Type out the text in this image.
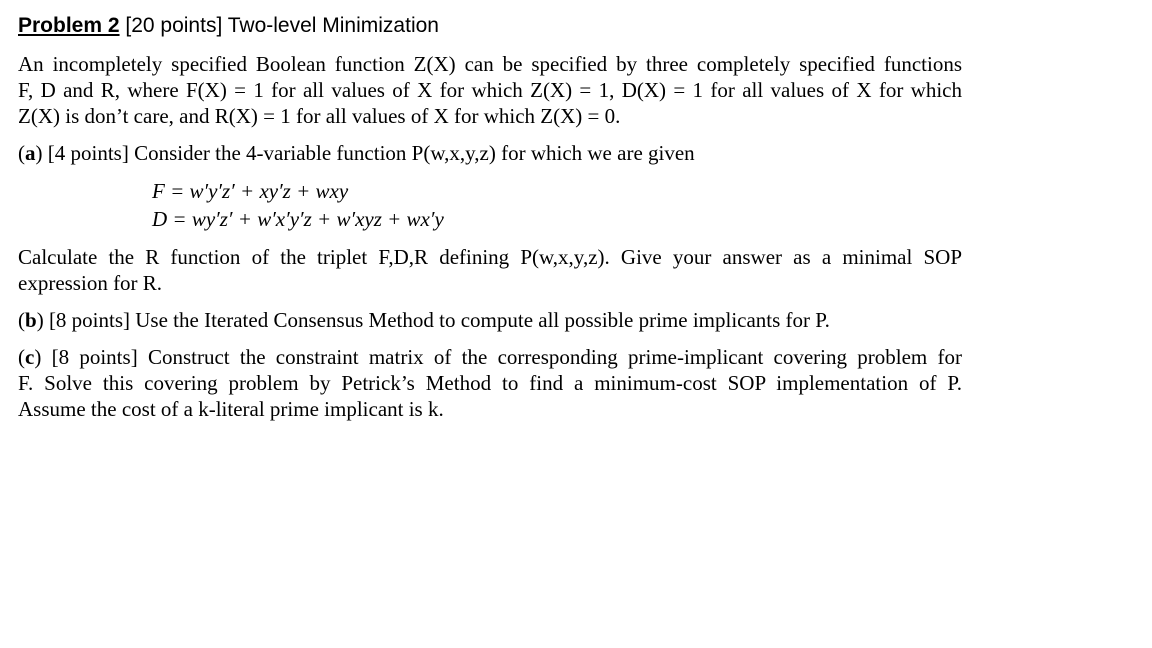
Problem 2 [20 points] Two-level Minimization
An incompletely specified Boolean function Z(X) can be specified by three completely specified functions
F, D and R, where F(X) = 1 for all values of X for which Z(X) = 1, D(X) = 1 for all values of X for which
Z(X) is don’t care, and R(X) = 1 for all values of X for which Z(X) = 0.
(a) [4 points] Consider the 4-variable function P(w,x,y,z) for which we are given
F = w′y′z′ + xy′z + wxy
D = wy′z′ + w′x′y′z + w′xyz + wx′y
Calculate the R function of the triplet F,D,R defining P(w,x,y,z). Give your answer as a minimal SOP
expression for R.
(b) [8 points] Use the Iterated Consensus Method to compute all possible prime implicants for P.
(c) [8 points] Construct the constraint matrix of the corresponding prime-implicant covering problem for
F. Solve this covering problem by Petrick’s Method to find a minimum-cost SOP implementation of P.
Assume the cost of a k-literal prime implicant is k.
